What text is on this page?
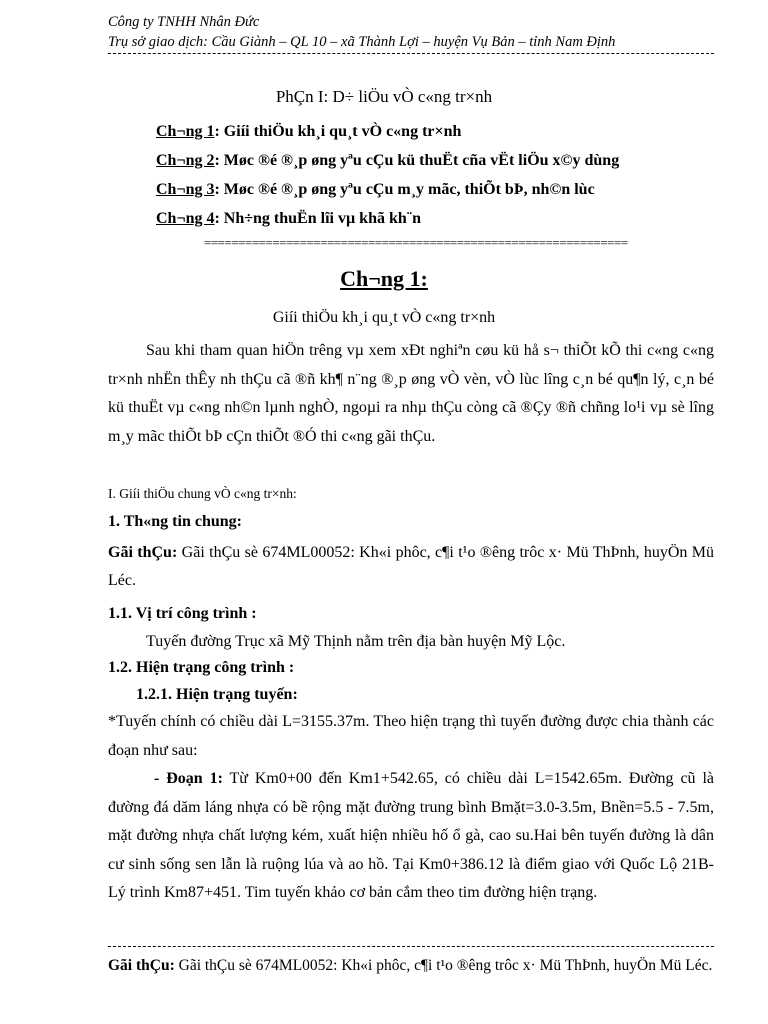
Công ty TNHH Nhân Đức
Trụ sở giao dịch: Cầu Giành – QL 10 – xã Thành Lợi – huyện Vụ Bản – tỉnh Nam Định
PhÇn I: D÷ liÖu vÒ c«ng tr×nh
Ch¬ng 1: Giíi thiÖu kh¸i qu¸t vÒ c«ng tr×nh
Ch¬ng 2: Møc ®é ®¸p øng yªu cÇu kü thuËt cña vËt liÖu x©y dùng
Ch¬ng 3: Møc ®é ®¸p øng yªu cÇu m¸y mãc, thiÕt bÞ, nh©n lùc
Ch¬ng 4: Nh÷ng thuËn lîi vµ khã kh¨n
==============================================================
Ch¬ng 1:
Giíi thiÖu kh¸i qu¸t vÒ c«ng tr×nh
Sau khi tham quan hiÖn trêng vµ xem xÐt nghiªn cøu kü hå s¬ thiÕt kÕ thi c«ng c«ng tr×nh nhËn thÊy nh thÇu cã ®ñ kh¶ n¨ng ®¸p øng vÒ vèn, vÒ lùc lîng c¸n bé qu¶n lý, c¸n bé kü thuËt vµ c«ng nh©n lµnh nghÒ, ngoµi ra nhµ thÇu còng cã ®Çy ®ñ chñng lo¹i vµ sè lîng m¸y mãc thiÕt bÞ cÇn thiÕt ®Ó thi c«ng gãi thÇu.
I. Giíi thiÖu chung vÒ c«ng tr×nh:
1. Th«ng tin chung:
Gãi thÇu: Gãi thÇu sè 674ML00052: Kh«i phôc, c¶i t¹o ®êng trôc x· Mü ThÞnh, huyÖn Mü Léc.
1.1. Vị trí công trình :
Tuyến đường Trục xã Mỹ Thịnh nằm trên địa bàn huyện Mỹ Lộc.
1.2. Hiện trạng công trình :
1.2.1. Hiện trạng tuyến:
*Tuyến chính có chiều dài L=3155.37m. Theo hiện trạng thì tuyến đường được chia thành các đoạn như sau:
- Đoạn 1: Từ Km0+00 đến Km1+542.65, có chiều dài L=1542.65m. Đường cũ là đường đá dăm láng nhựa có bề rộng mặt đường trung bình Bmặt=3.0-3.5m, Bnền=5.5 - 7.5m, mặt đường nhựa chất lượng kém, xuất hiện nhiều hố ổ gà, cao su.Hai bên tuyến đường là dân cư sinh sống sen lẫn là ruộng lúa và ao hồ. Tại Km0+386.12 là điểm giao với Quốc Lộ 21B-Lý trình Km87+451. Tim tuyến khảo cơ bản cắm theo tim đường hiện trạng.
Gãi thÇu: Gãi thÇu sè 674ML0052: Kh«i phôc, c¶i t¹o ®êng trôc x· Mü ThÞnh, huyÖn Mü Léc.
